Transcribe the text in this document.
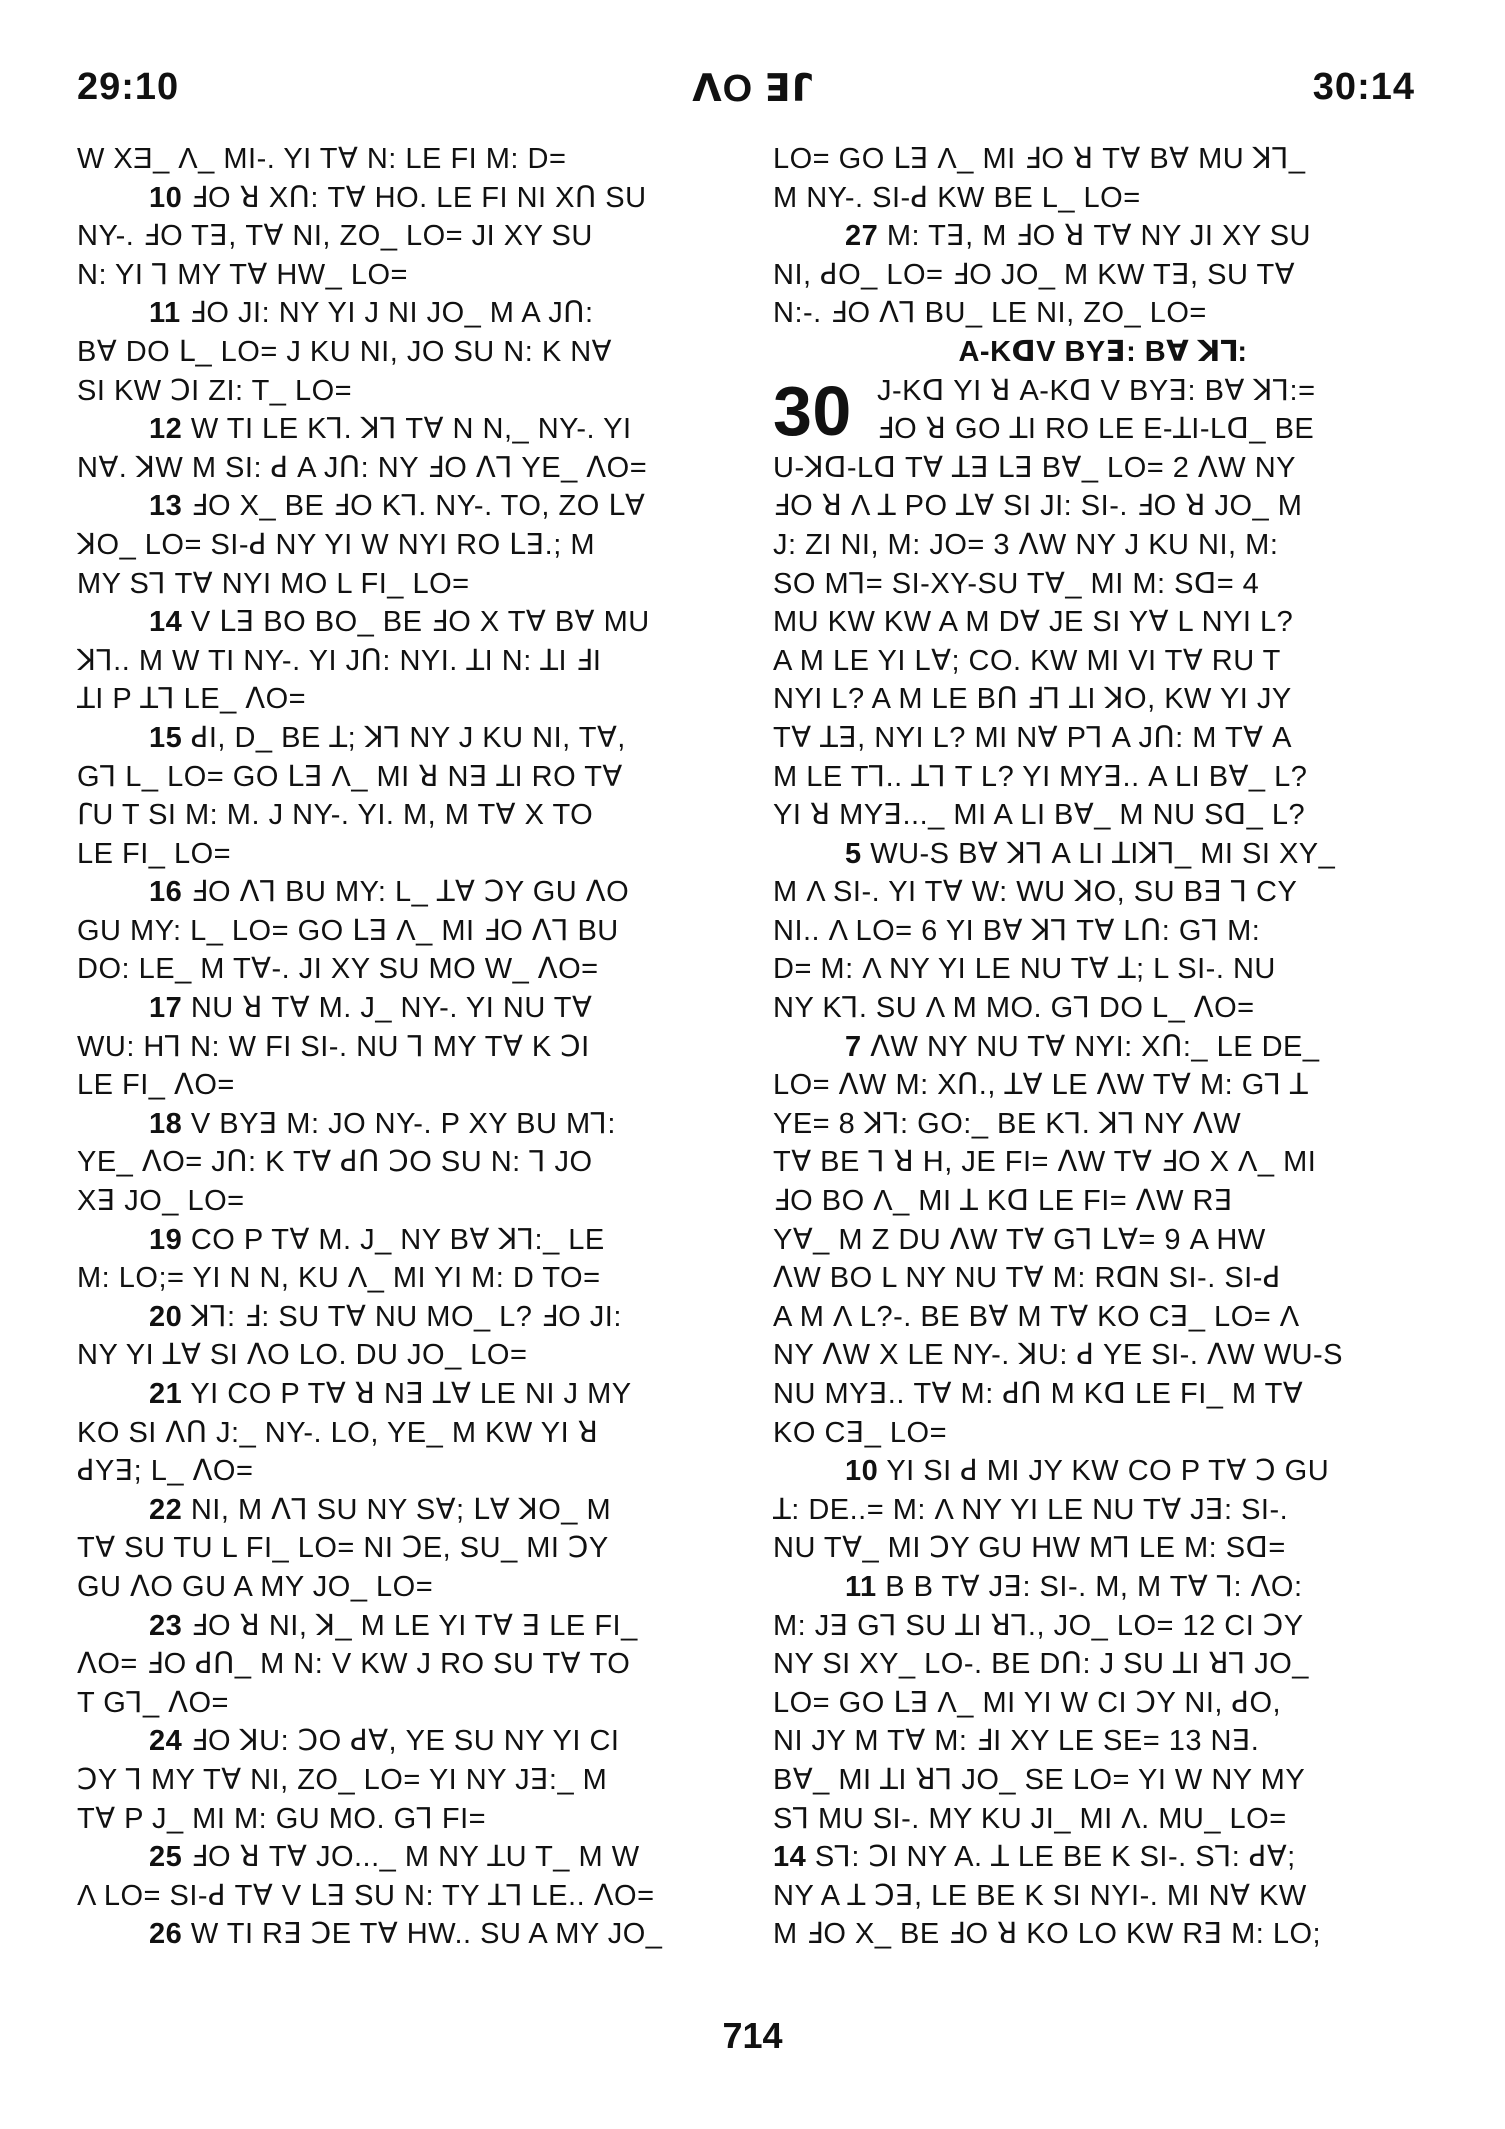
29:10	ꓥO ꓱꓩ	30:14
W XƎ_ Λ_ MI-. YI Tꓯ N: LE FI M: D=
10 ꓞO ꓤ XՈ: Tꓯ HO. LE FI NI XՈ SU
NY-. ꓞO Tꓱ, Tꓯ NI, ZO_ LO= JI XY SU
N: YI ꓶ MY Tꓯ HW_ LO=
11 ꓞO JI: NY YI J NI JO_ M A JՈ:
Bꓯ DO ꓡ_ LO= J KU NI, JO SU N: K Nꓯ
SI KW ꓛI ZI: T_ LO=
12 W TI LE Kꓶ. ꓘꓶ Tꓯ N N,_ NY-. YI
Nꓯ. ꓘW M SI: ꓒ A JՈ: NY ꓞO ꓥꓶ YE_ ꓥO=
13 ꓞO X_ BE ꓞO Kꓶ. NY-. TO, ZO ꓡꓯ
ꓘO_ LO= SI-ꓒ NY YI W NYI RO ꓡꓱ.; M
MY Sꓶ Tꓯ NYI MO L FI_ LO=
14 V ꓡꓱ BO BO_ BE ꓞO X Tꓯ Bꓯ MU
ꓘꓶ.. M W TI NY-. YI JՈ: NYI. ꓕI N: ꓕI ꓞI
ꓕI P ꓕꓶ LE_ ꓥO=
15 ꓒI, D_ BE ꓕ; ꓘꓶ NY J KU NI, Tꓯ,
Gꓶ L_ LO= GO ꓡꓱ Λ_ MI ꓤ Nꓱ ꓕI RO Tꓯ
ꓩU T SI M: M. J NY-. YI. M, M Tꓯ X TO
LE FI_ LO=
16 ꓞO ꓥꓶ BU MY: L_ ꓕꓯ ꓛY GU ꓥO
GU MY: L_ LO= GO ꓡꓱ Λ_ MI ꓞO ꓥꓶ BU
DO: LE_ M Tꓯ-. JI XY SU MO W_ ꓥO=
17 NU ꓤ Tꓯ M. J_ NY-. YI NU Tꓯ
WU: Hꓶ N: W FI SI-. NU ꓶ MY Tꓯ K ꓛI
LE FI_ ꓥO=
18 V BYꓱ M: JO NY-. P XY BU Mꓶ:
YE_ ꓥO= JՈ: K Tꓯ ꓒՈ ꓛO SU N: ꓶ JO
Xꓱ JO_ LO=
19 CO P Tꓯ M. J_ NY Bꓯ ꓘꓶ:_ LE
M: LO;= YI N N, KU Λ_ MI YI M: D TO=
20 ꓘꓶ: ꓞ: SU Tꓯ NU MO_ L? ꓞO JI:
NY YI ꓕꓯ SI ꓥO LO. DU JO_ LO=
21 YI CO P Tꓯ ꓤ Nꓱ ꓕꓯ LE NI J MY
KO SI ꓥՈ J:_ NY-. LO, YE_ M KW YI ꓤ
ꓒYꓱ; L_ ꓥO=
22 NI, M ꓥꓶ SU NY Sꓯ; ꓡꓯ ꓘO_ M
Tꓯ SU TU L FI_ LO= NI ꓛE, SU_ MI ꓛY
GU ꓥO GU A MY JO_ LO=
23 ꓞO ꓤ NI, ꓘ_ M LE YI Tꓯ ꓱ LE FI_
ꓥO= ꓞO ꓒՈ_ M N: V KW J RO SU Tꓯ TO
T Gꓶ_ ꓥO=
24 ꓞO ꓘU: ꓛO ꓒꓯ, YE SU NY YI CI
ꓛY ꓶ MY Tꓯ NI, ZO_ LO= YI NY Jꓱ:_ M
Tꓯ P J_ MI M: GU MO. Gꓶ FI=
25 ꓞO ꓤ Tꓯ JO..._ M NY ꓕU T_ M W
Λ LO= SI-ꓒ Tꓯ V ꓡꓱ SU N: TY ꓕꓶ LE.. ꓥO=
26 W TI Rꓱ ꓛE Tꓯ HW.. SU A MY JO_
LO= GO ꓡꓱ Λ_ MI ꓞO ꓤ Tꓯ Bꓯ MU ꓘꓶ_
M NY-. SI-ꓒ KW BE L_ LO=
27 M: Tꓱ, M ꓞO ꓤ Tꓯ NY JI XY SU
NI, ꓒO_ LO= ꓞO JO_ M KW Tꓱ, SU Tꓯ
N:-. ꓞO ꓥꓶ BU_ LE NI, ZO_ LO=
A-KꓷV BYꓱ: Bꓯ ꓘꓶ:
30 J-Kꓷ YI ꓤ A-Kꓷ V BYꓱ: Bꓯ ꓘꓶ:=
ꓞO ꓤ GO ꓕI RO LE E-ꓕI-Lꓷ_ BE
U-ꓘꓷ-Lꓷ Tꓯ ꓕꓱ ꓡꓱ Bꓯ_ LO= 2 ꓥW NY
ꓞO ꓤ Λ ꓕ PO ꓕꓯ SI JI: SI-. ꓞO ꓤ JO_ M
J: ZI NI, M: JO= 3 ꓥW NY J KU NI, M:
SO Mꓶ= SI-XY-SU Tꓯ_ MI M: Sꓷ= 4
MU KW KW A M Dꓯ JE SI Yꓯ L NYI L?
A M LE YI Lꓯ; CO. KW MI VI Tꓯ RU T
NYI L? A M LE BՈ ꓞꓶ ꓕI ꓘO, KW YI JY
Tꓯ ꓕꓱ, NYI L? MI Nꓯ Pꓶ A JՈ: M Tꓯ A
M LE Tꓶ.. ꓕꓶ T L? YI MYꓱ.. A LI Bꓯ_ L?
YI ꓤ MYꓱ..._ MI A LI Bꓯ_ M NU Sꓷ_ L?
5 WU-S Bꓯ ꓘꓶ A LI ꓕIꓘꓶ_ MI SI XY_
M Λ SI-. YI Tꓯ W: WU ꓘO, SU Bꓱ ꓶ CY
NI.. Λ LO= 6 YI Bꓯ ꓘꓶ Tꓯ LՈ: Gꓶ M:
D= M: Λ NY YI LE NU Tꓯ ꓕ; L SI-. NU
NY Kꓶ. SU Λ M MO. Gꓶ DO L_ ꓥO=
7 ꓥW NY NU Tꓯ NYI: XՈ:_ LE DE_
LO= ꓥW M: XՈ., ꓕꓯ LE ꓥW Tꓯ M: Gꓶ ꓕ
YE= 8 ꓘꓶ: GO:_ BE Kꓶ. ꓘꓶ NY ꓥW
Tꓯ BE ꓶ ꓤ H, JE FI= ꓥW Tꓯ ꓞO X Λ_ MI
ꓞO BO Λ_ MI ꓕ Kꓷ LE FI= ꓥW Rꓱ
Yꓯ_ M Z DU ꓥW Tꓯ Gꓶ ꓡꓯ= 9 A HW
ꓥW BO L NY NU Tꓯ M: RꓷN SI-. SI-ꓒ
A M Λ L?-. BE Bꓯ M Tꓯ KO Cꓱ_ LO= Λ
NY ꓥW X LE NY-. ꓘU: ꓒ YE SI-. ꓥW WU-S
NU MYꓱ.. Tꓯ M: ꓒՈ M Kꓷ LE FI_ M Tꓯ
KO Cꓱ_ LO=
10 YI SI ꓒ MI JY KW CO P Tꓯ ꓛ GU
ꓕ: DE..= M: Λ NY YI LE NU Tꓯ Jꓱ: SI-.
NU Tꓯ_ MI ꓛY GU HW Mꓶ LE M: Sꓷ=
11 B B Tꓯ Jꓱ: SI-. M, M Tꓯ ꓶ: ꓥO:
M: Jꓱ Gꓶ SU ꓕI ꓤꓶ., JO_ LO= 12 CI ꓛY
NY SI XY_ LO-. BE DՈ: J SU ꓕI ꓤꓶ JO_
LO= GO ꓡꓱ Λ_ MI YI W CI ꓛY NI, ꓒO,
NI JY M Tꓯ M: ꓞI XY LE SE= 13 Nꓱ.
Bꓯ_ MI ꓕI ꓤꓶ JO_ SE LO= YI W NY MY
Sꓶ MU SI-. MY KU JI_ MI Λ. MU_ LO=
14 Sꓶ: ꓛI NY A. ꓕ LE BE K SI-. Sꓶ: ꓒꓯ;
NY A ꓕ ꓛꓱ, LE BE K SI NYI-. MI Nꓯ KW
M ꓞO X_ BE ꓞO ꓤ KO LO KW Rꓱ M: LO;
714
